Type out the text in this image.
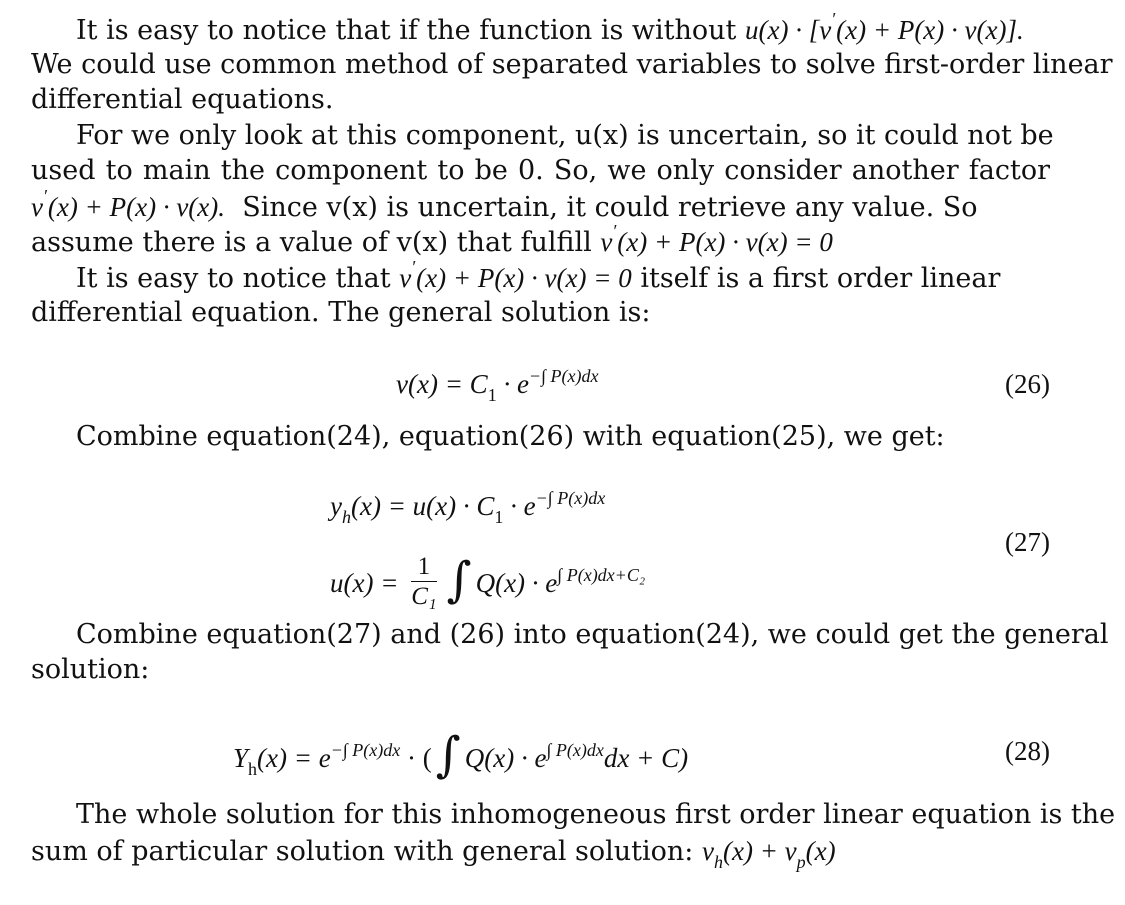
It is easy to notice that if the function is without u(x) · [v′(x) + P(x) · v(x)].
We could use common method of separated variables to solve first-order linear
differential equations.
For we only look at this component, u(x) is uncertain, so it could not be
used to main the component to be 0. So, we only consider another factor
v′(x) + P(x) · v(x). Since v(x) is uncertain, it could retrieve any value. So
assume there is a value of v(x) that fulfill v′(x) + P(x) · v(x) = 0
It is easy to notice that v′(x) + P(x) · v(x) = 0 itself is a first order linear
differential equation. The general solution is:
$v(x) = C_1 \cdot e^{-\int P(x)dx}$	(26)
Combine equation(24), equation(26) with equation(25), we get:
$y_h(x) = u(x) \cdot C_1 \cdot e^{-\int P(x)dx}$
$u(x) = \frac{1}{\text{C₁}}$ ∫ $Q(x) \cdot e^{\int P(x)dx+C_2}$
(27)
Combine equation(27) and (26) into equation(24), we could get the general
solution:
$Y_h(x) = e^{-\int P(x)dx}$ · (∫ $Q(x) \cdot e^{\int P(x)dx}dx + C$)	(28)
The whole solution for this inhomogeneous first order linear equation is the
sum of particular solution with general solution: $v_h(x) + v_p(x)$
